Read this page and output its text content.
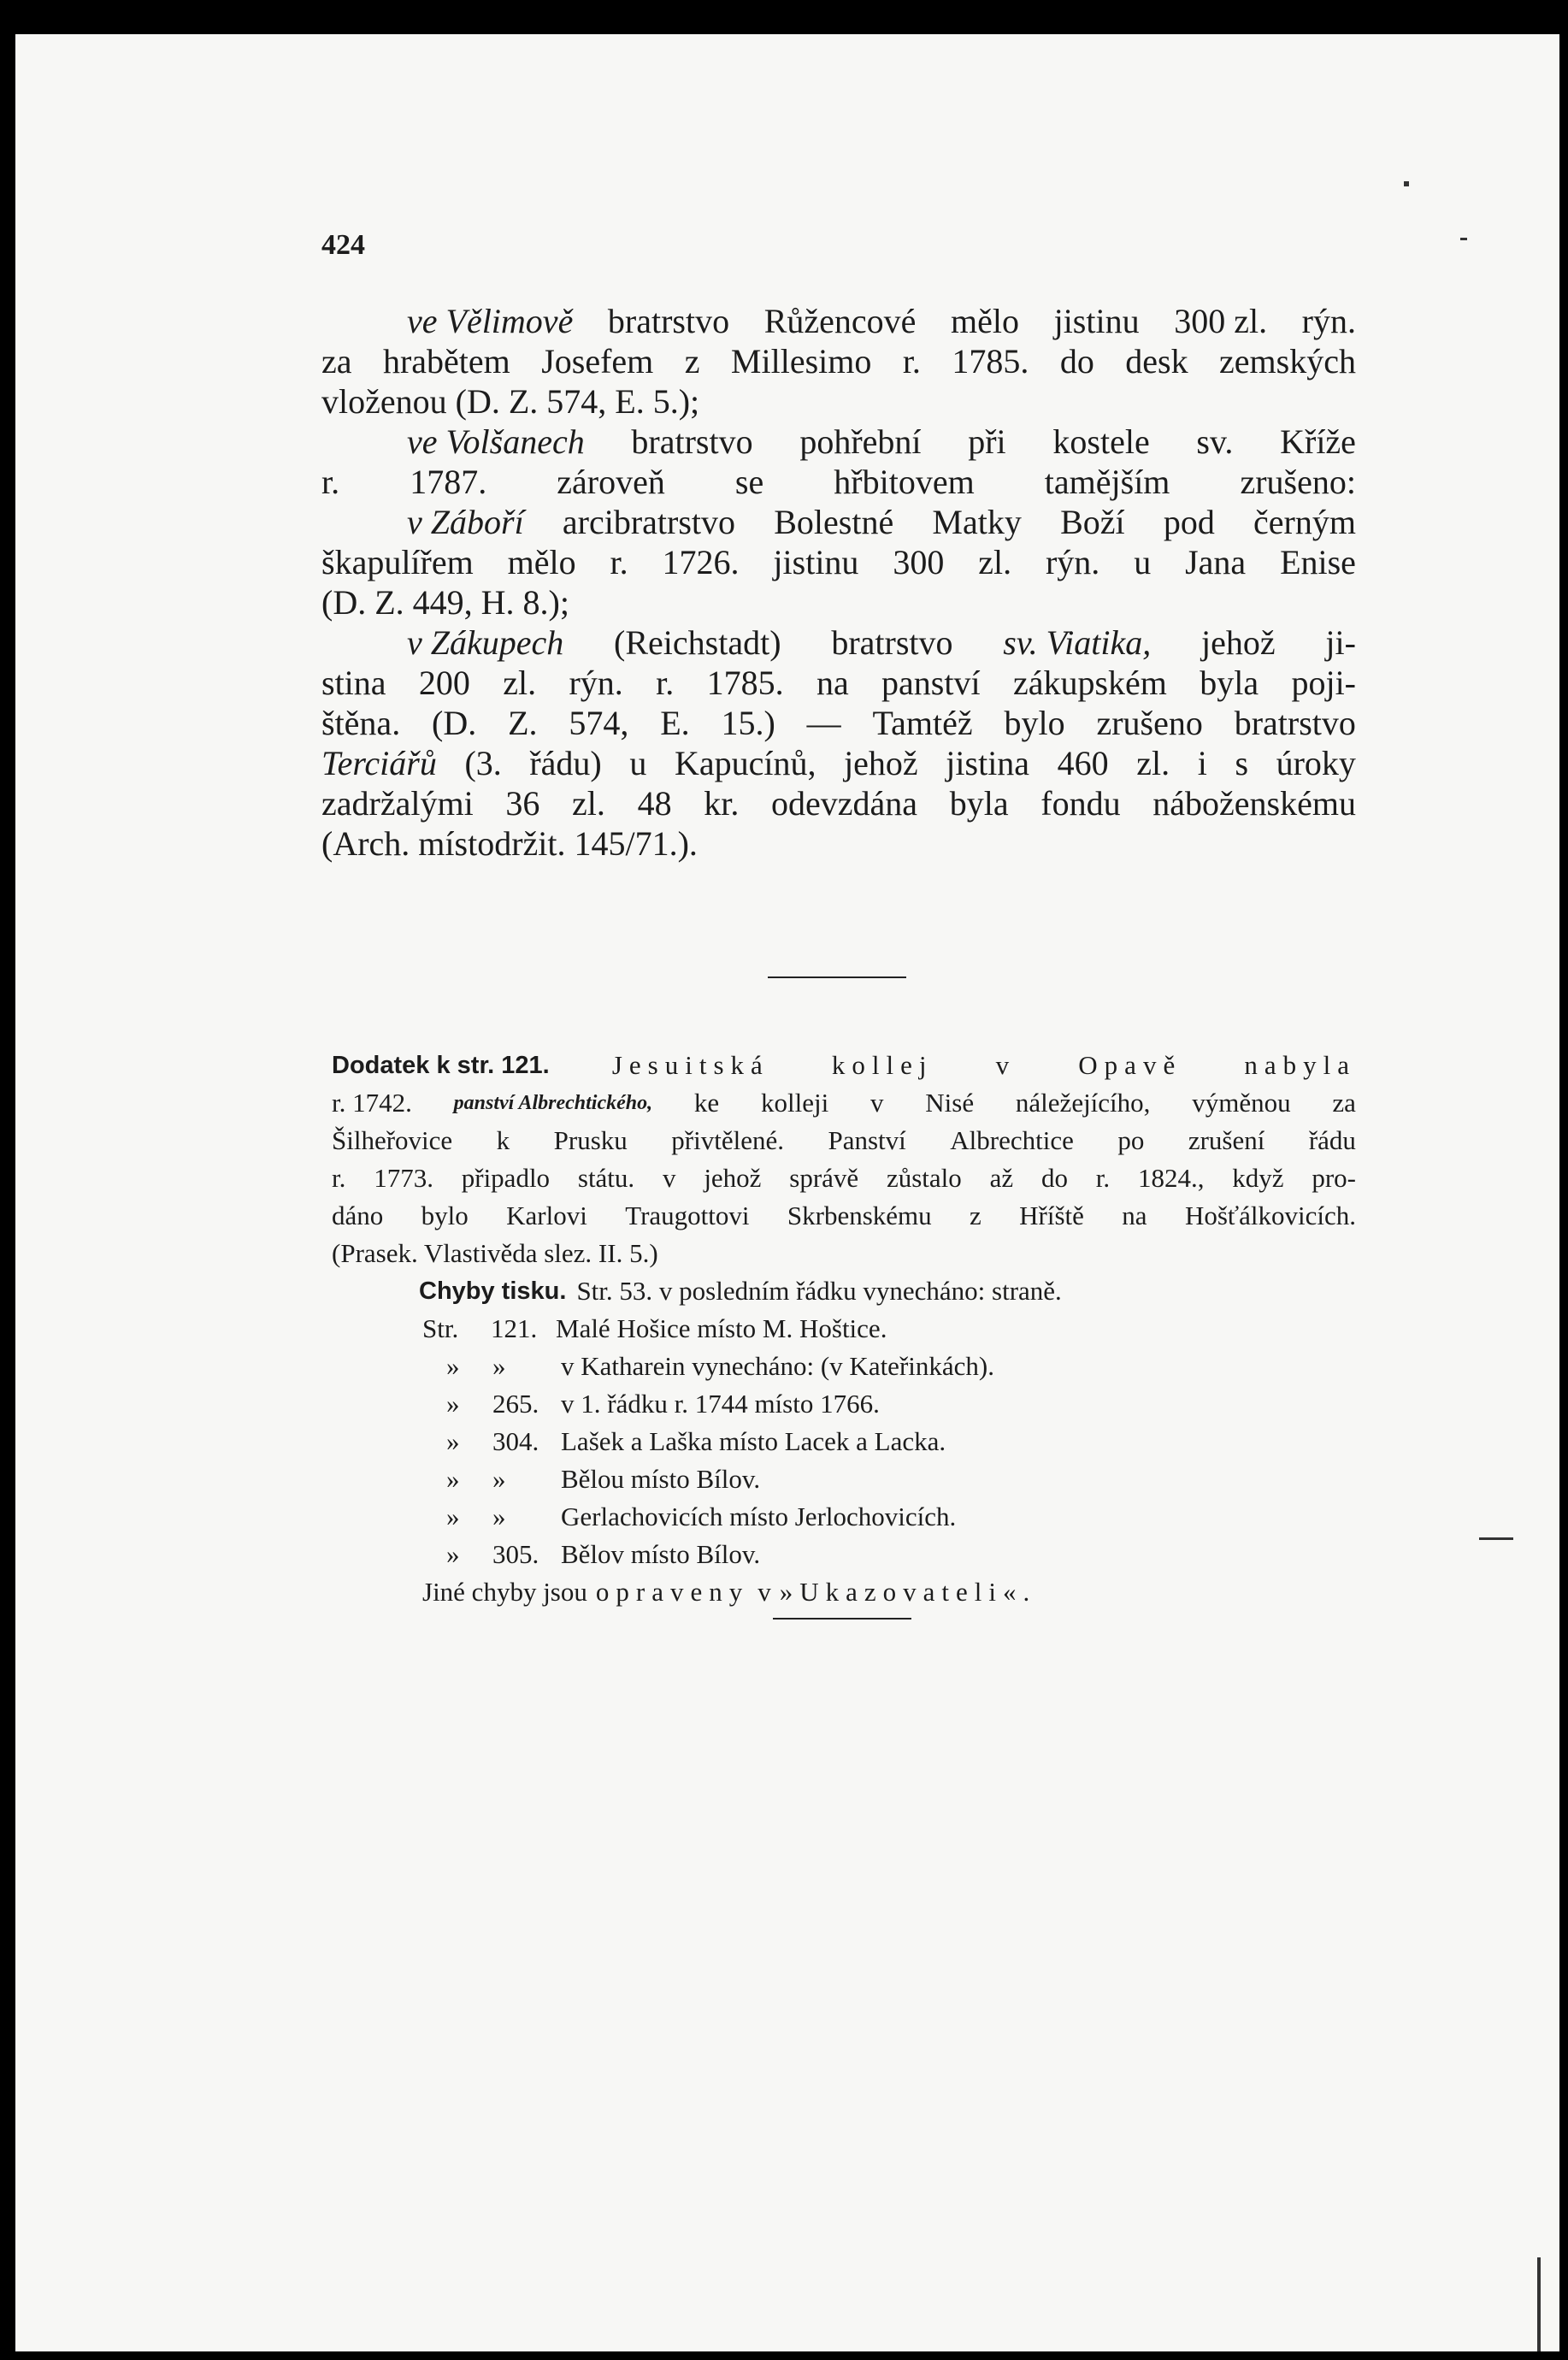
424
ve Vělimově bratrstvo Růžencové mělo jistinu 300 zl. rýn.
za hrabětem Josefem z Millesimo r. 1785. do desk zemských
vloženou (D. Z. 574, E. 5.);
ve Volšanech bratrstvo pohřební při kostele sv. Kříže
r. 1787. zároveň se hřbitovem tamějším zrušeno:
v Záboří arcibratrstvo Bolestné Matky Boží pod černým
škapulířem mělo r. 1726. jistinu 300 zl. rýn. u Jana Enise
(D. Z. 449, H. 8.);
v Zákupech (Reichstadt) bratrstvo sv. Viatika, jehož ji-
stina 200 zl. rýn. r. 1785. na panství zákupském byla poji-
štěna. (D. Z. 574, E. 15.) — Tamtéž bylo zrušeno bratrstvo
Terciářů (3. řádu) u Kapucínů, jehož jistina 460 zl. i s úroky
zadržalými 36 zl. 48 kr. odevzdána byla fondu náboženskému
(Arch. místodržit. 145/71.).
Dodatek k str. 121. Jesuitská kollej v Opavě nabyla
r. 1742. panství Albrechtického, ke kolleji v Nisé náležejícího, výměnou za
Šilheřovice k Prusku přivtělené. Panství Albrechtice po zrušení řádu
r. 1773. připadlo státu. v jehož správě zůstalo až do r. 1824., když pro-
dáno bylo Karlovi Traugottovi Skrbenskému z Hříště na Hošťálkovicích.
(Prasek. Vlastivěda slez. II. 5.)
Chyby tisku. Str. 53. v posledním řádku vynecháno: straně.
Str.	121. Malé Hošice místo M. Hoštice.
»	»	v Katharein vynecháno: (v Kateřinkách).
»	265. v 1. řádku r. 1744 místo 1766.
»	304. Lašek a Laška místo Lacek a Lacka.
»	»	Bělou místo Bílov.
»	»	Gerlachovicích místo Jerlochovicích.
»	305. Bělov místo Bílov.
Jiné chyby jsou opraveny v »Ukazovateli«.
